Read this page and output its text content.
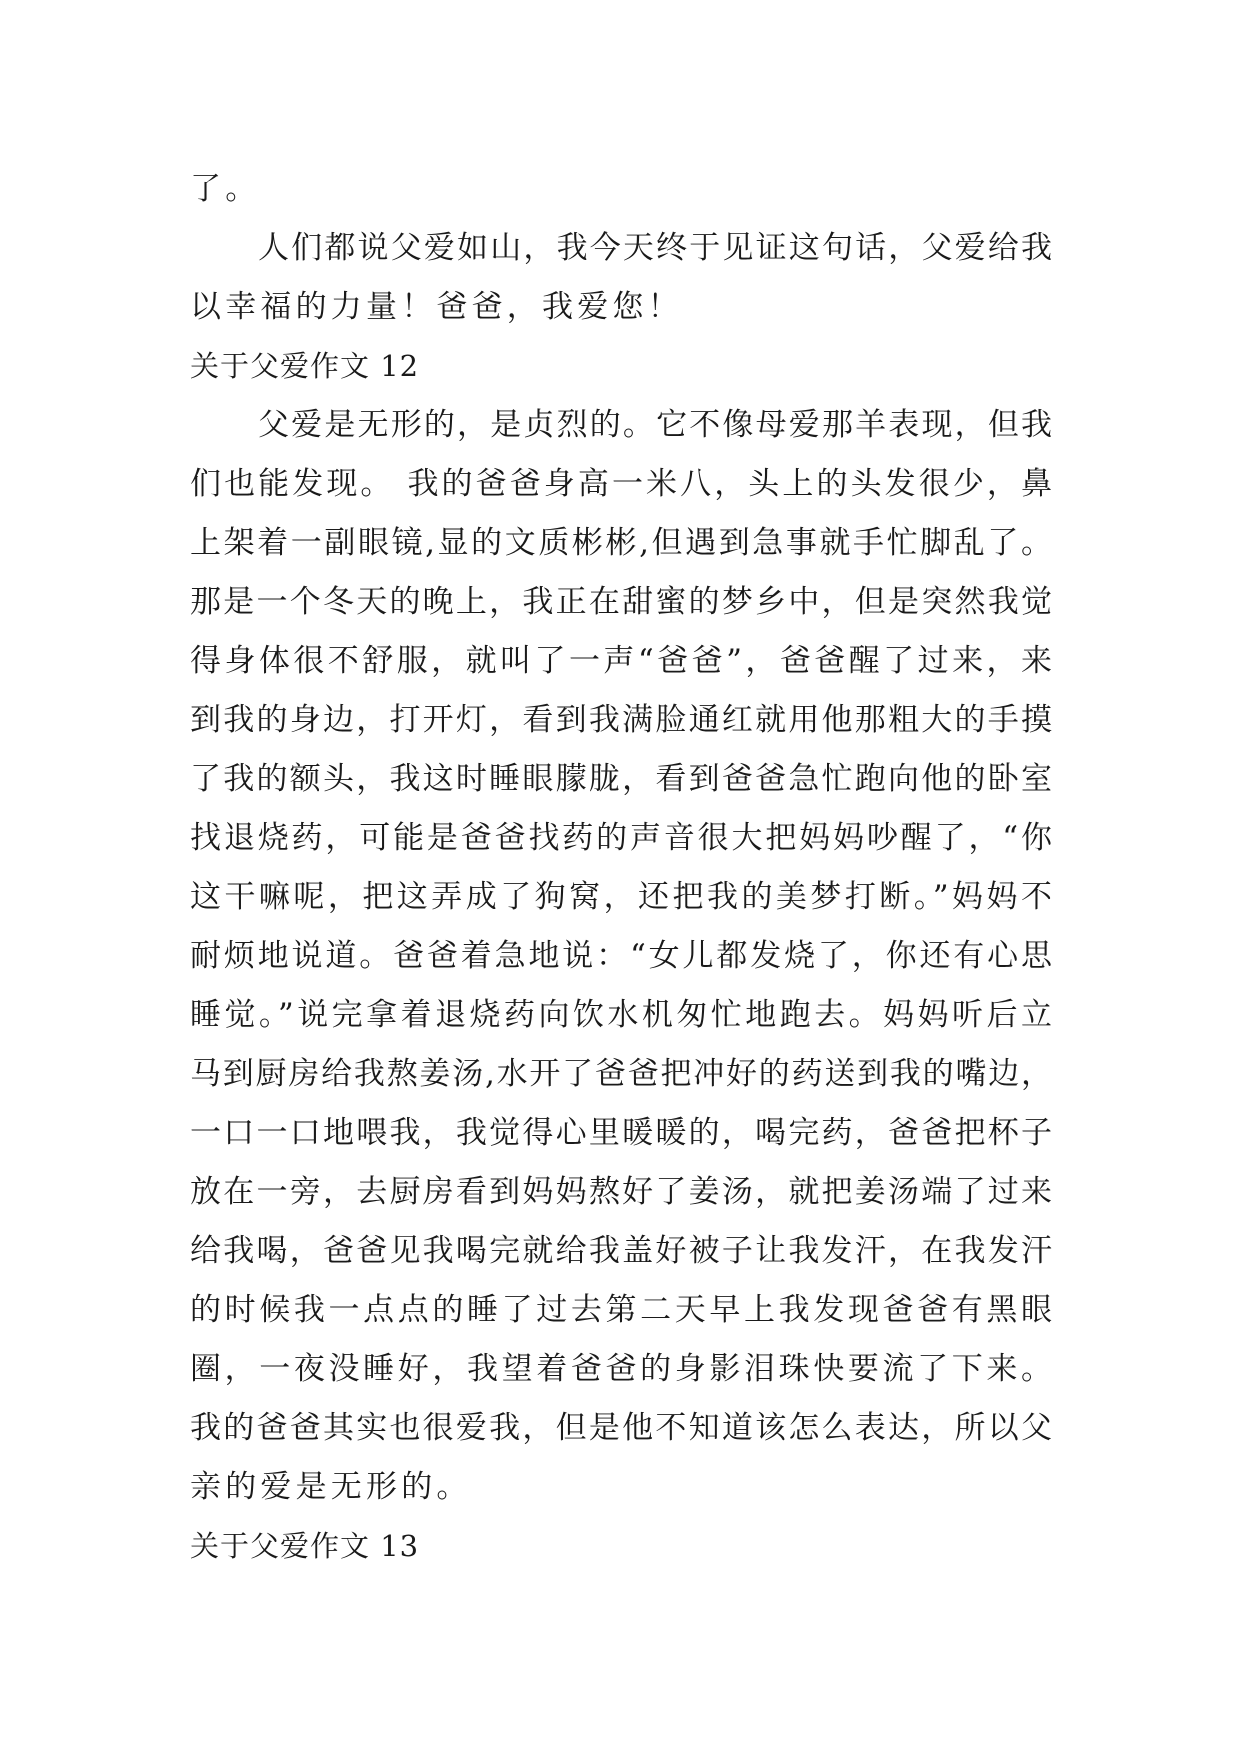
了。
人们都说父爱如山，我今天终于见证这句话，父爱给我
以幸福的力量！爸爸，我爱您！
关于父爱作文 12
父爱是无形的，是贞烈的。它不像母爱那羊表现，但我
们也能发现。 我的爸爸身高一米八，头上的头发很少，鼻
上架着一副眼镜,显的文质彬彬,但遇到急事就手忙脚乱了。
那是一个冬天的晚上，我正在甜蜜的梦乡中，但是突然我觉
得身体很不舒服，就叫了一声“爸爸”，爸爸醒了过来，来
到我的身边，打开灯，看到我满脸通红就用他那粗大的手摸
了我的额头，我这时睡眼朦胧，看到爸爸急忙跑向他的卧室
找退烧药，可能是爸爸找药的声音很大把妈妈吵醒了，“你
这干嘛呢，把这弄成了狗窝，还把我的美梦打断。”妈妈不
耐烦地说道。爸爸着急地说：“女儿都发烧了，你还有心思
睡觉。”说完拿着退烧药向饮水机匆忙地跑去。妈妈听后立
马到厨房给我熬姜汤,水开了爸爸把冲好的药送到我的嘴边，
一口一口地喂我，我觉得心里暖暖的，喝完药，爸爸把杯子
放在一旁，去厨房看到妈妈熬好了姜汤，就把姜汤端了过来
给我喝，爸爸见我喝完就给我盖好被子让我发汗，在我发汗
的时候我一点点的睡了过去第二天早上我发现爸爸有黑眼
圈，一夜没睡好，我望着爸爸的身影泪珠快要流了下来。
我的爸爸其实也很爱我，但是他不知道该怎么表达，所以父
亲的爱是无形的。
关于父爱作文 13
